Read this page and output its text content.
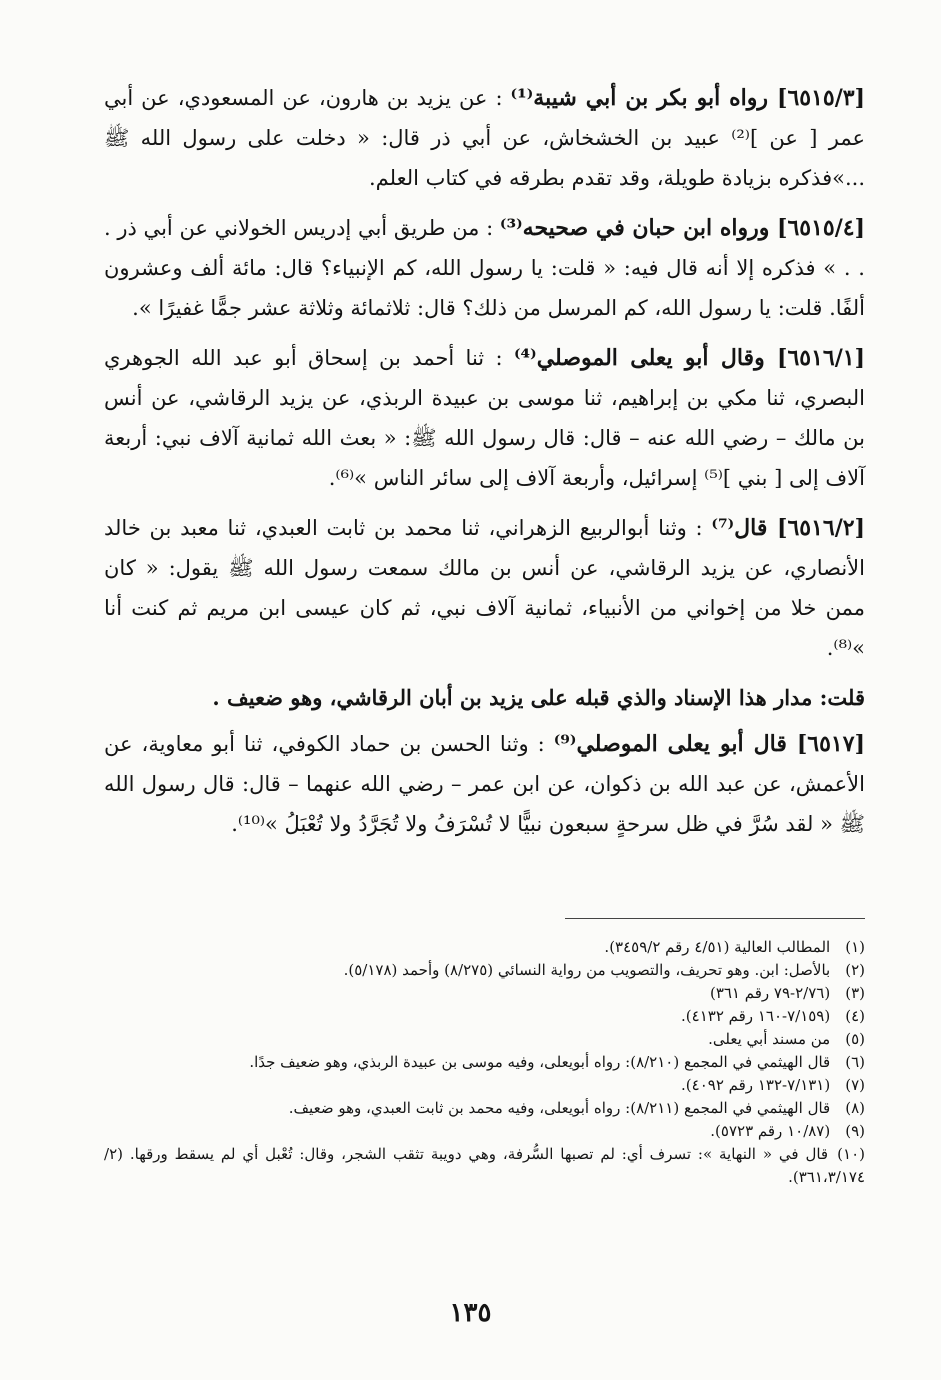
[٦٥١٥/٣] رواه أبو بكر بن أبي شيبة⁽¹⁾ : عن يزيد بن هارون، عن المسعودي، عن أبي عمر [ عن ]⁽²⁾ عبيد بن الخشخاش، عن أبي ذر قال: « دخلت على رسول الله ﷺ ...»فذكره بزيادة طويلة، وقد تقدم بطرقه في كتاب العلم.

[٦٥١٥/٤] ورواه ابن حبان في صحيحه⁽³⁾ : من طريق أبي إدريس الخولاني عن أبي ذر . . . » فذكره إلا أنه قال فيه: « قلت: يا رسول الله، كم الإنبياء؟ قال: مائة ألف وعشرون ألفًا. قلت: يا رسول الله، كم المرسل من ذلك؟ قال: ثلاثمائة وثلاثة عشر جمًّا غفيرًا ».

[٦٥١٦/١] وقال أبو يعلى الموصلي⁽⁴⁾ : ثنا أحمد بن إسحاق أبو عبد الله الجوهري البصري، ثنا مكي بن إبراهيم، ثنا موسى بن عبيدة الربذي، عن يزيد الرقاشي، عن أنس بن مالك – رضي الله عنه – قال: قال رسول الله ﷺ: « بعث الله ثمانية آلاف نبي: أربعة آلاف إلى [ بني ]⁽⁵⁾ إسرائيل، وأربعة آلاف إلى سائر الناس »⁽⁶⁾.

[٦٥١٦/٢] قال⁽⁷⁾ : وثنا أبوالربيع الزهراني، ثنا محمد بن ثابت العبدي، ثنا معبد بن خالد الأنصاري، عن يزيد الرقاشي، عن أنس بن مالك سمعت رسول الله ﷺ يقول: « كان ممن خلا من إخواني من الأنبياء، ثمانية آلاف نبي، ثم كان عيسى ابن مريم ثم كنت أنا »⁽⁸⁾.

قلت: مدار هذا الإسناد والذي قبله على يزيد بن أبان الرقاشي، وهو ضعيف .

[٦٥١٧] قال أبو يعلى الموصلي⁽⁹⁾ : وثنا الحسن بن حماد الكوفي، ثنا أبو معاوية، عن الأعمش، عن عبد الله بن ذكوان، عن ابن عمر – رضي الله عنهما – قال: قال رسول الله ﷺ « لقد سُرَّ في ظل سرحةٍ سبعون نبيًّا لا تُسْرَفُ ولا تُجَرَّدُ ولا تُعْبَلُ »⁽¹⁰⁾.

(١) المطالب العالية (٤/٥١ رقم ٣٤٥٩/٢).
(٢) بالأصل: ابن. وهو تحريف، والتصويب من رواية النسائي (٨/٢٧٥) وأحمد (٥/١٧٨).
(٣) (٢/٧٦-٧٩ رقم ٣٦١)
(٤) (٧/١٥٩-١٦٠ رقم ٤١٣٢).
(٥) من مسند أبي يعلى.
(٦) قال الهيثمي في المجمع (٨/٢١٠): رواه أبويعلى، وفيه موسى بن عبيدة الربذي، وهو ضعيف جدًا.
(٧) (٧/١٣١-١٣٢ رقم ٤٠٩٢).
(٨) قال الهيثمي في المجمع (٨/٢١١): رواه أبويعلى، وفيه محمد بن ثابت العبدي، وهو ضعيف.
(٩) (١٠/٨٧ رقم ٥٧٢٣).
(١٠) قال في « النهاية »: تسرف أي: لم تصبها السُّرفة، وهي دويبة تثقب الشجر، وقال: تُعْبل أي لم يسقط ورقها. (٢/ ٣٦١،٣/١٧٤).
١٣٥
